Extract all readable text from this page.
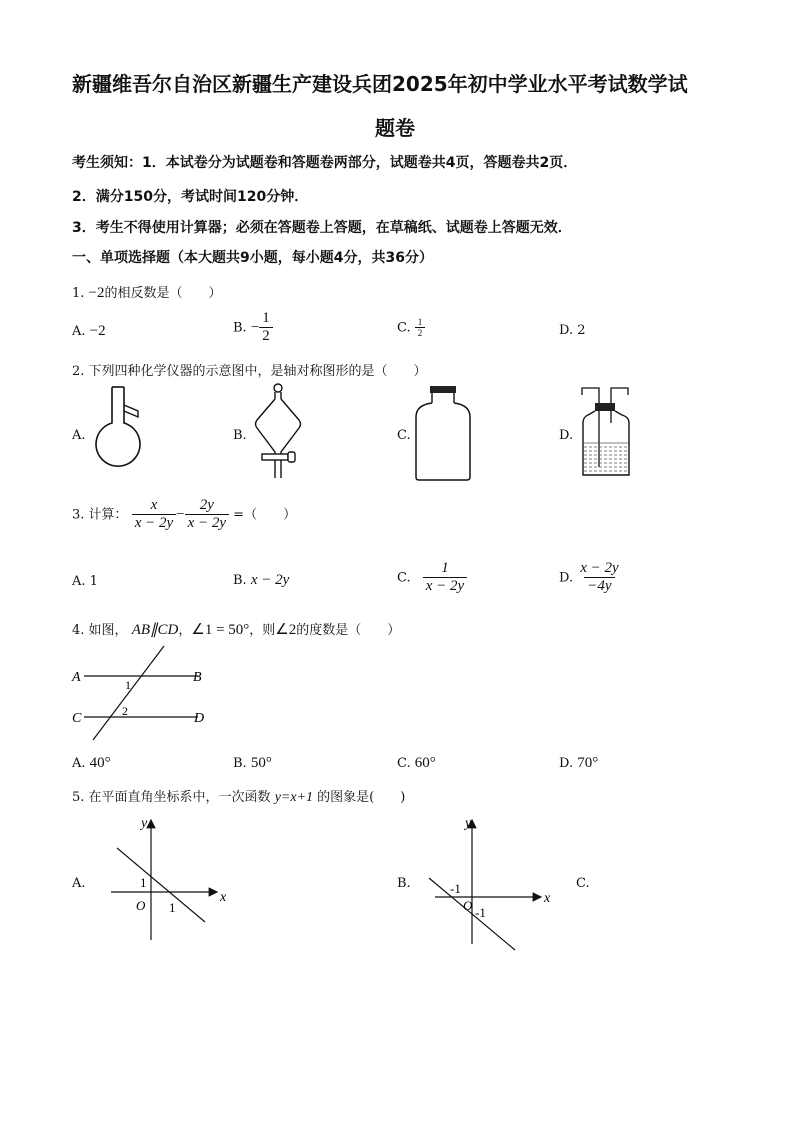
新疆维吾尔自治区新疆生产建设兵团2025年初中学业水平考试数学试
题卷
考生须知：1．本试卷分为试题卷和答题卷两部分，试题卷共4页，答题卷共2页．
2．满分150分，考试时间120分钟．
3．考生不得使用计算器；必须在答题卷上答题，在草稿纸、试题卷上答题无效．
一、单项选择题（本大题共9小题，每小题4分，共36分）
1. −2的相反数是（　　）
A. −2	B. − $\frac{1}{2}$	C. $\frac{1}{2}$	D. 2
2. 下列四种化学仪器的示意图中，是轴对称图形的是（　　）
A.	B.	C.	D.
3. 计算： $\frac{x}{x - 2y} - \frac{2y}{x - 2y}$ =（　　）
A. 1	B. x − 2y	C. $\frac{1}{x - 2y}$	D. $\frac{x - 2y}{-4y}$
4. 如图， AB∥CD，∠1 = 50°，则∠2的度数是（　　）
A	B
C	D
1
2
A. 40°	B. 50°	C. 60°	D. 70°
5. 在平面直角坐标系中，一次函数 y=x+1 的图象是(　　)
A.	B.	C.
x
y
O
1
1
x
y
O
-1
-1
